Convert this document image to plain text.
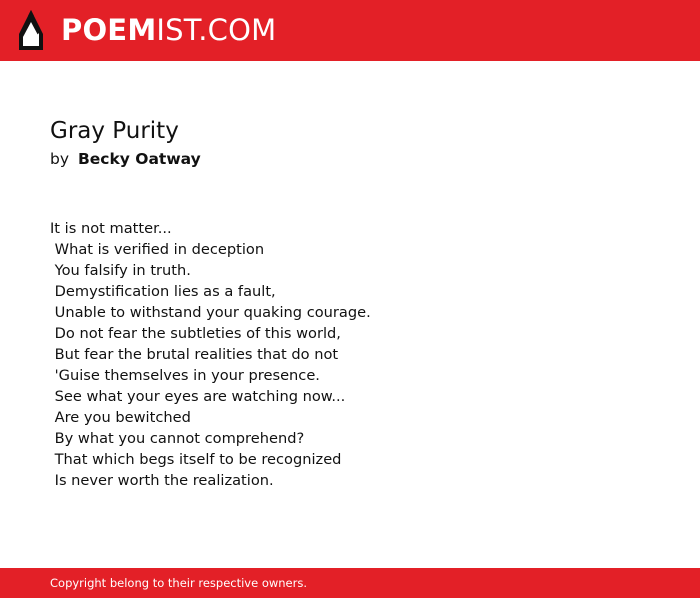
POEMIST.COM
Gray Purity
by Becky Oatway
It is not matter...
What is verified in deception
You falsify in truth.
Demystification lies as a fault,
Unable to withstand your quaking courage.
Do not fear the subtleties of this world,
But fear the brutal realities that do not
'Guise themselves in your presence.
See what your eyes are watching now...
Are you bewitched
By what you cannot comprehend?
That which begs itself to be recognized
Is never worth the realization.
Copyright belong to their respective owners.
